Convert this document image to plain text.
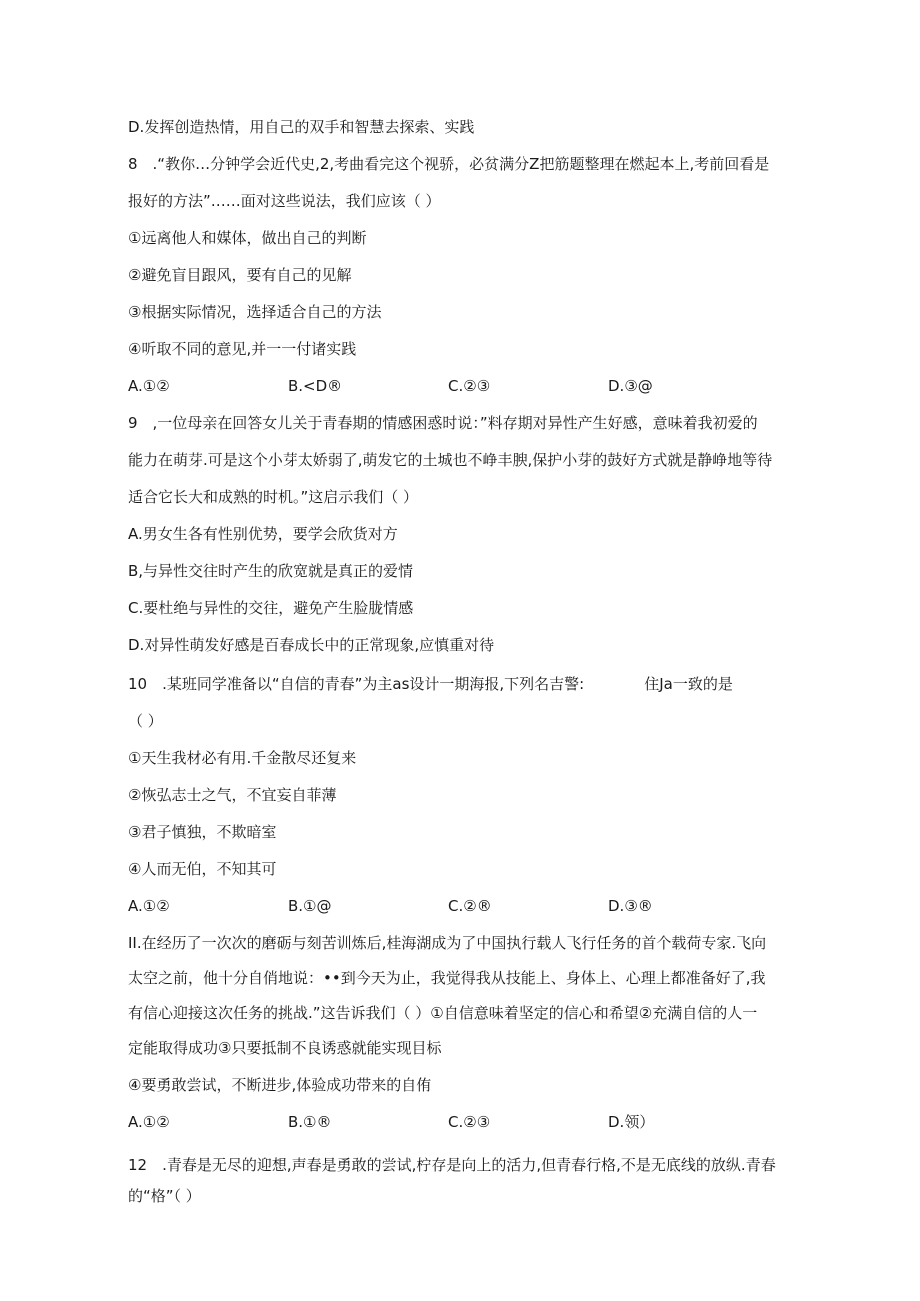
D.发挥创造热情，用自己的双手和智慧去探索、实践
8　.“教你…分钟学会近代史,2,考曲看完这个视骄，必贫满分Z把筋题整理在燃起本上,考前回看是
报好的方法”……面对这些说法，我们应该（ ）
①远离他人和媒体，做出自己的判断
②避免盲目跟风，要有自己的见解
③根据实际情况，选择适合自己的方法
④听取不同的意见,并一一付诸实践
A.①②	B.<D®	C.②③	D.③@
9　,一位母亲在回答女儿关于青春期的情感困惑时说：”料存期对异性产生好感，意味着我初爱的
能力在萌芽.可是这个小芽太娇弱了,萌发它的土城也不峥丰腴,保护小芽的鼓好方式就是静峥地等待
适合它长大和成熟的时机。”这启示我们（ ）
A.男女生各有性别优势，要学会欣货对方
B,与异性交往时产生的欣宽就是真正的爱情
C.要杜绝与异性的交往，避免产生脸胧情感
D.对异性萌发好感是百春成长中的正常现象,应慎重对待
10　.某班同学准备以“自信的青春”为主as设计一期海报,下列名吉警:	住Ja一致的是
（ ）
①天生我材必有用.千金散尽还复来
②恢弘志士之气，不宜妄自菲薄
③君子慎独，不欺暗室
④人而无伯，不知其可
A.①②	B.①@	C.②®	D.③®
II.在经历了一次次的磨砺与刻苦训炼后,桂海湖成为了中国执行载人飞行任务的首个载荷专家.飞向
太空之前，他十分自俏地说：••到今天为止，我觉得我从技能上、身体上、心理上都准备好了,我
有信心迎接这次任务的挑战.”这告诉我们（ ）①自信意味着坚定的信心和希望②充满自信的人一
定能取得成功③只要抵制不良诱惑就能实现目标
④要勇敢尝试，不断进步,体验成功带来的自侑
A.①②	B.①®	C.②③	D.领）
12　.青春是无尽的迎想,声春是勇敢的尝试,柠存是向上的活力,但青春行格,不是无底线的放纵.青春
的“格”（ ）
